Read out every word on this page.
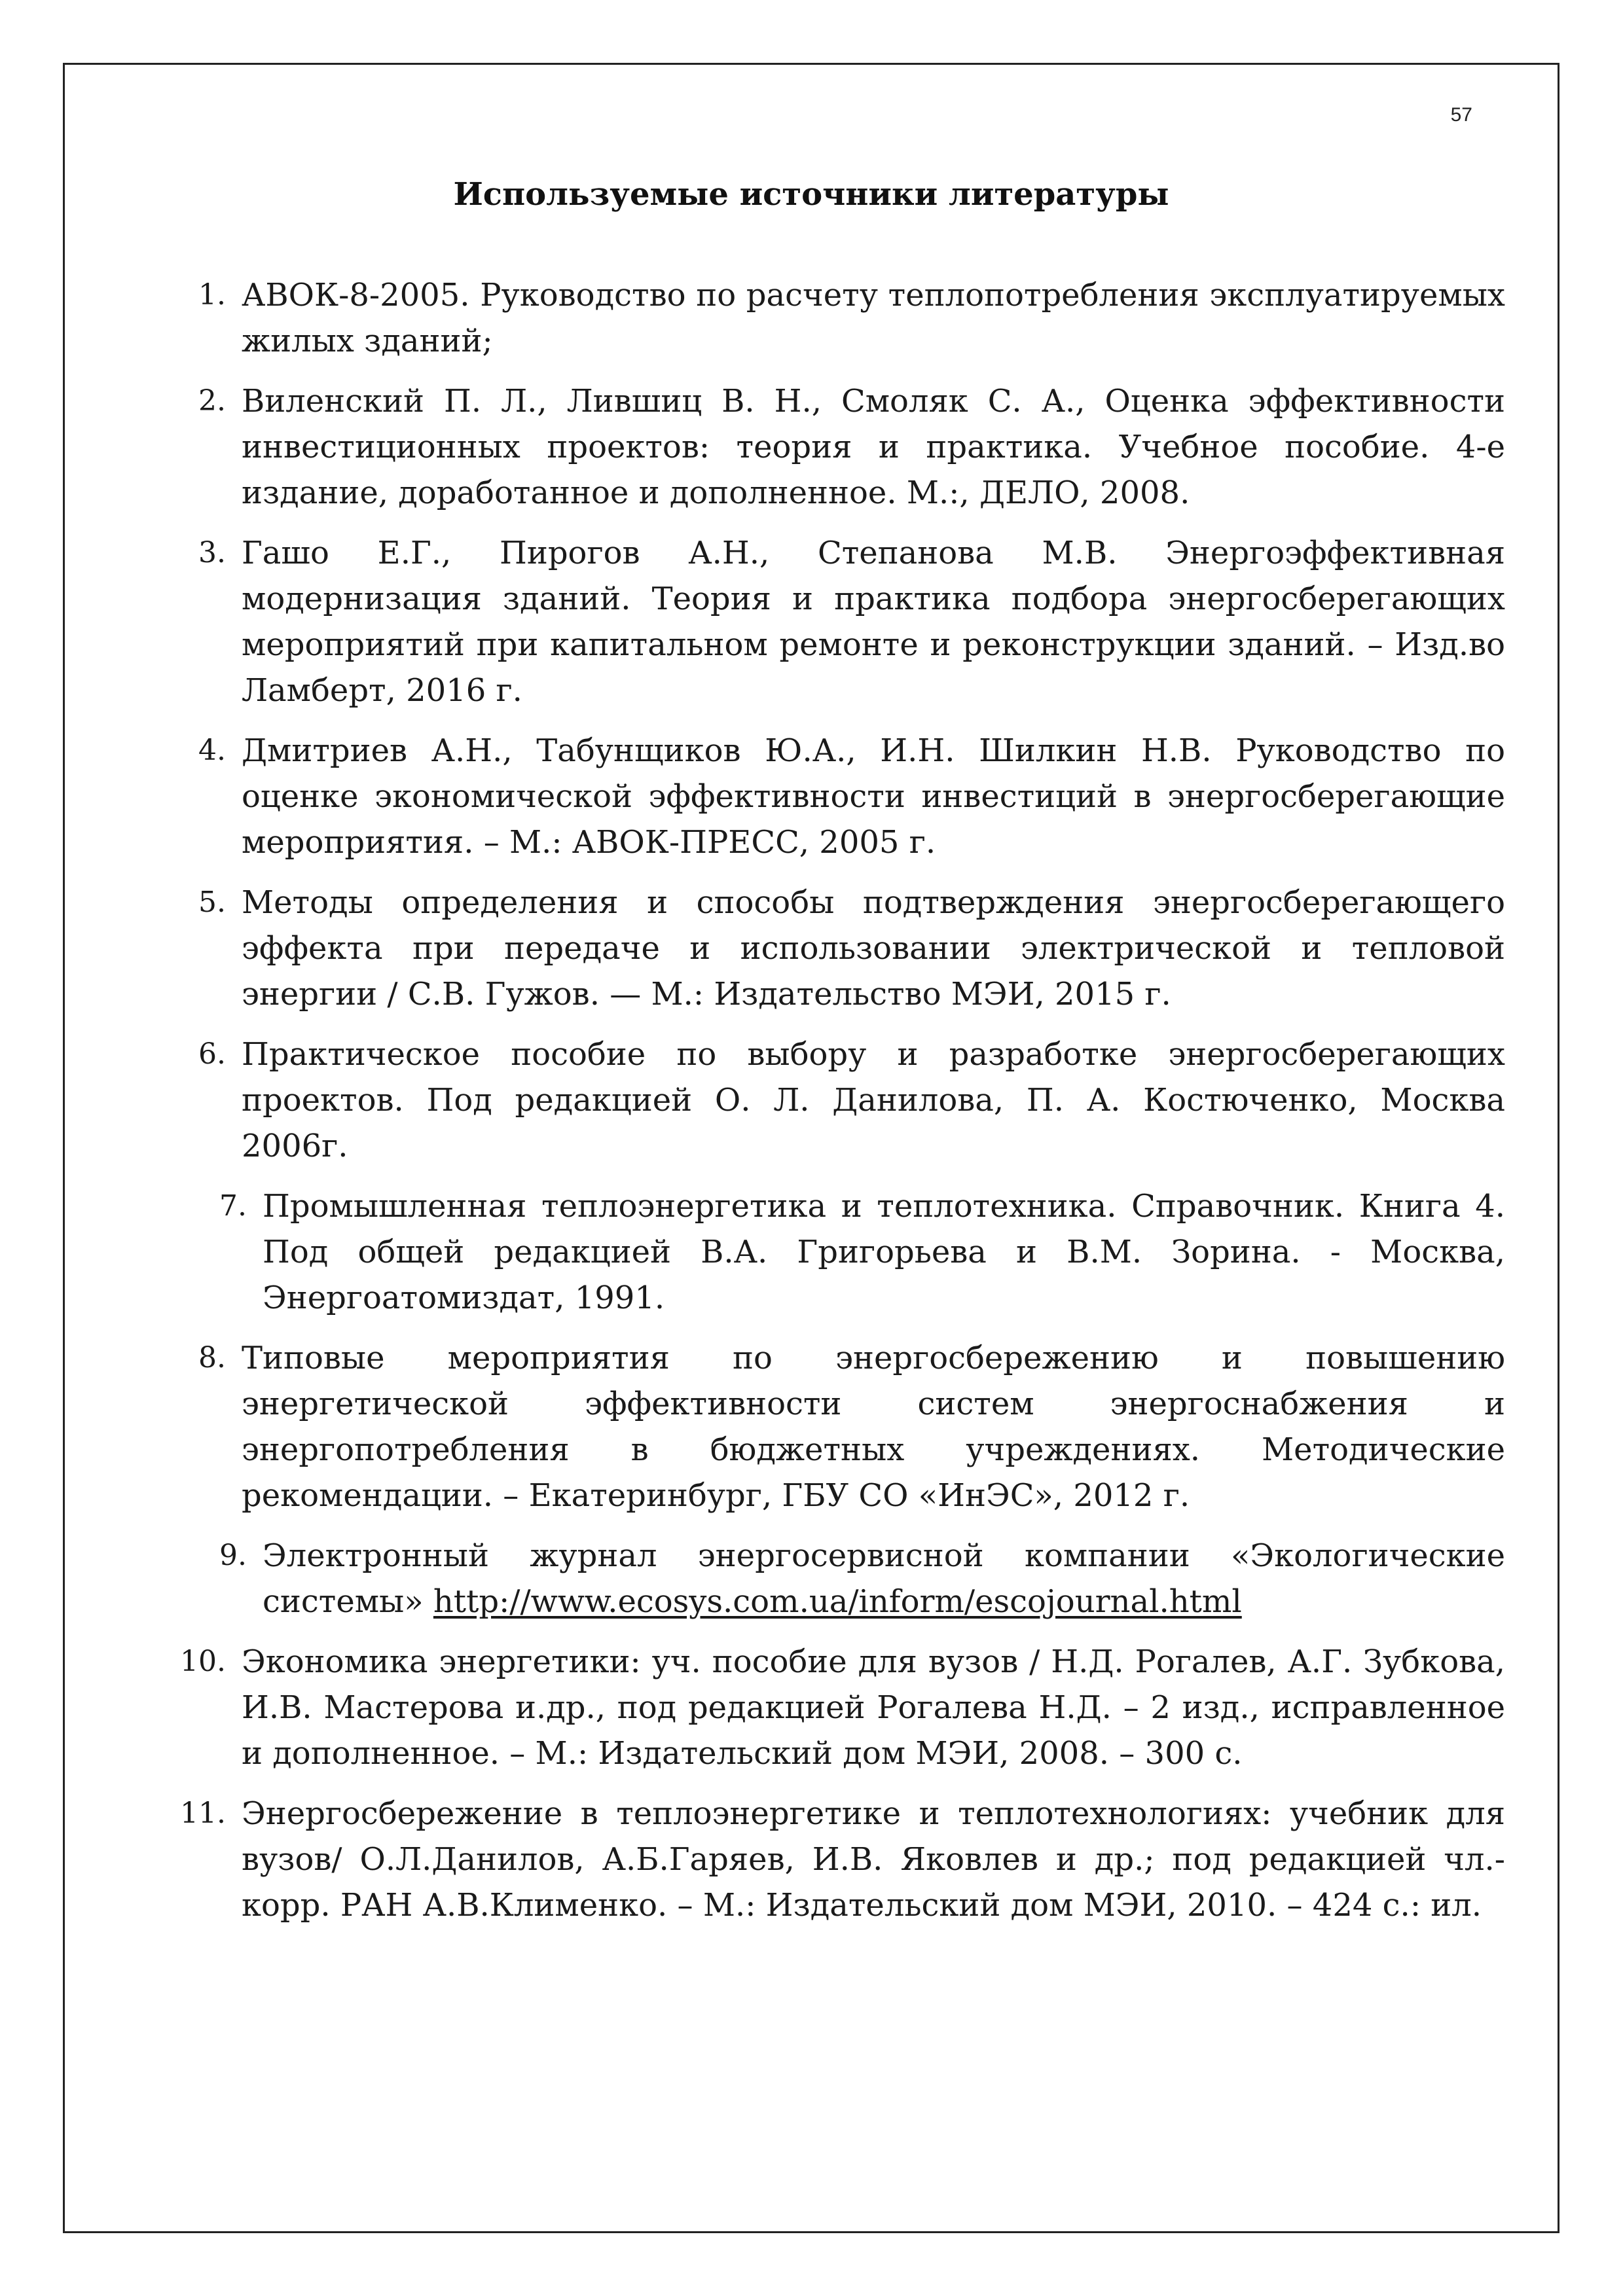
57
Используемые источники литературы
1. АВОК-8-2005. Руководство по расчету теплопотребления эксплуатируемых жилых зданий;
2. Виленский П. Л., Лившиц В. Н., Смоляк С. А., Оценка эффективности инвестиционных проектов: теория и практика. Учебное пособие. 4-е издание, доработанное и дополненное. М.:, ДЕЛО, 2008.
3. Гашо Е.Г., Пирогов А.Н., Степанова М.В. Энергоэффективная модернизация зданий. Теория и практика подбора энергосберегающих мероприятий при капитальном ремонте и реконструкции зданий. – Изд.во Ламберт, 2016 г.
4. Дмитриев А.Н., Табунщиков Ю.А., И.Н. Шилкин Н.В. Руководство по оценке экономической эффективности инвестиций в энергосберегающие мероприятия. – М.: АВОК-ПРЕСС, 2005 г.
5. Методы определения и способы подтверждения энергосберегающего эффекта при передаче и использовании электрической и тепловой энергии / С.В. Гужов. — М.: Издательство МЭИ, 2015 г.
6. Практическое пособие по выбору и разработке энергосберегающих проектов. Под редакцией О. Л. Данилова, П. А. Костюченко, Москва 2006г.
7. Промышленная теплоэнергетика и теплотехника. Справочник. Книга 4. Под общей редакцией В.А. Григорьева и В.М. Зорина. - Москва, Энергоатомиздат, 1991.
8. Типовые мероприятия по энергосбережению и повышению энергетической эффективности систем энергоснабжения и энергопотребления в бюджетных учреждениях. Методические рекомендации. – Екатеринбург, ГБУ СО «ИнЭС», 2012 г.
9. Электронный журнал энергосервисной компании «Экологические системы» http://www.ecosys.com.ua/inform/escojournal.html
10. Экономика энергетики: уч. пособие для вузов / Н.Д. Рогалев, А.Г. Зубкова, И.В. Мастерова и.др., под редакцией Рогалева Н.Д. – 2 изд., исправленное и дополненное. – М.: Издательский дом МЭИ, 2008. – 300 с.
11. Энергосбережение в теплоэнергетике и теплотехнологиях: учебник для вузов/ О.Л.Данилов, А.Б.Гаряев, И.В. Яковлев и др.; под редакцией чл.-корр. РАН А.В.Клименко. – М.: Издательский дом МЭИ, 2010. – 424 с.: ил.
